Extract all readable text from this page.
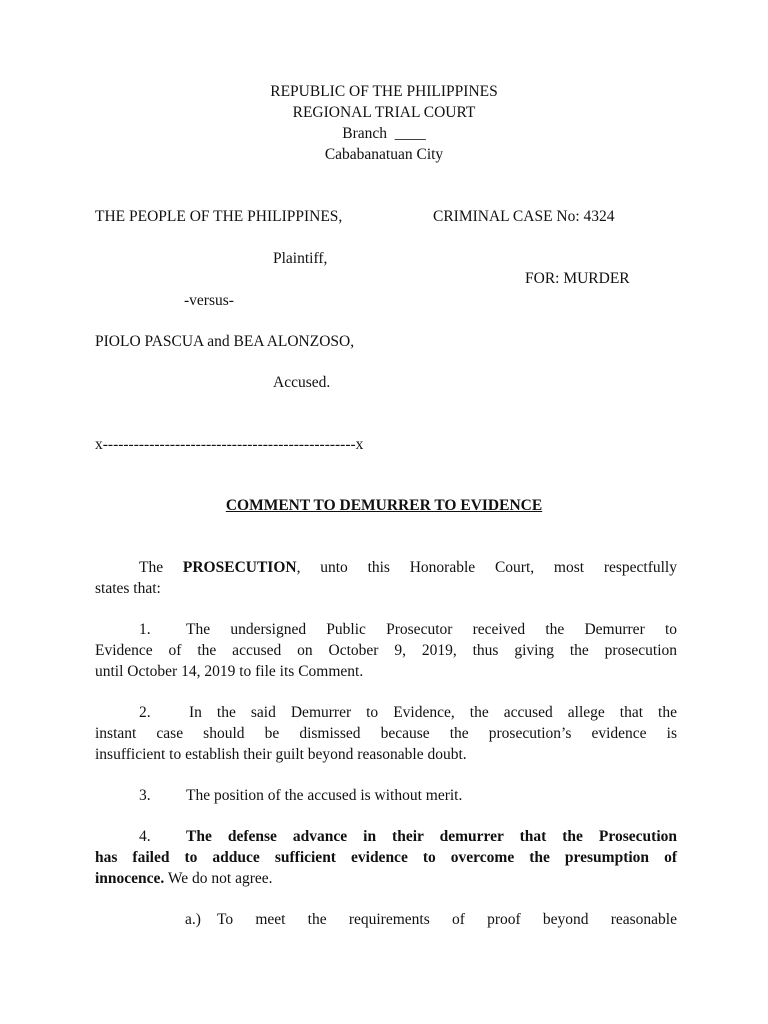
REPUBLIC OF THE PHILIPPINES
REGIONAL TRIAL COURT
Branch  ____
Cababanatuan City
THE PEOPLE OF THE PHILIPPINES,	CRIMINAL CASE No: 4324
Plaintiff,
FOR: MURDER
-versus-
PIOLO PASCUA and BEA ALONZOSO,
Accused.
x-------------------------------------------------x
COMMENT TO DEMURRER TO EVIDENCE
The PROSECUTION, unto this Honorable Court, most respectfully
states that:
1. The undersigned Public Prosecutor received the Demurrer to
Evidence of the accused on October 9, 2019, thus giving the prosecution
until October 14, 2019 to file its Comment.
2. In the said Demurrer to Evidence, the accused allege that the
instant case should be dismissed because the prosecution’s evidence is
insufficient to establish their guilt beyond reasonable doubt.
3. The position of the accused is without merit.
4. The defense advance in their demurrer that the Prosecution
has failed to adduce sufficient evidence to overcome the presumption of
innocence. We do not agree.
a.) To meet the requirements of proof beyond reasonable
